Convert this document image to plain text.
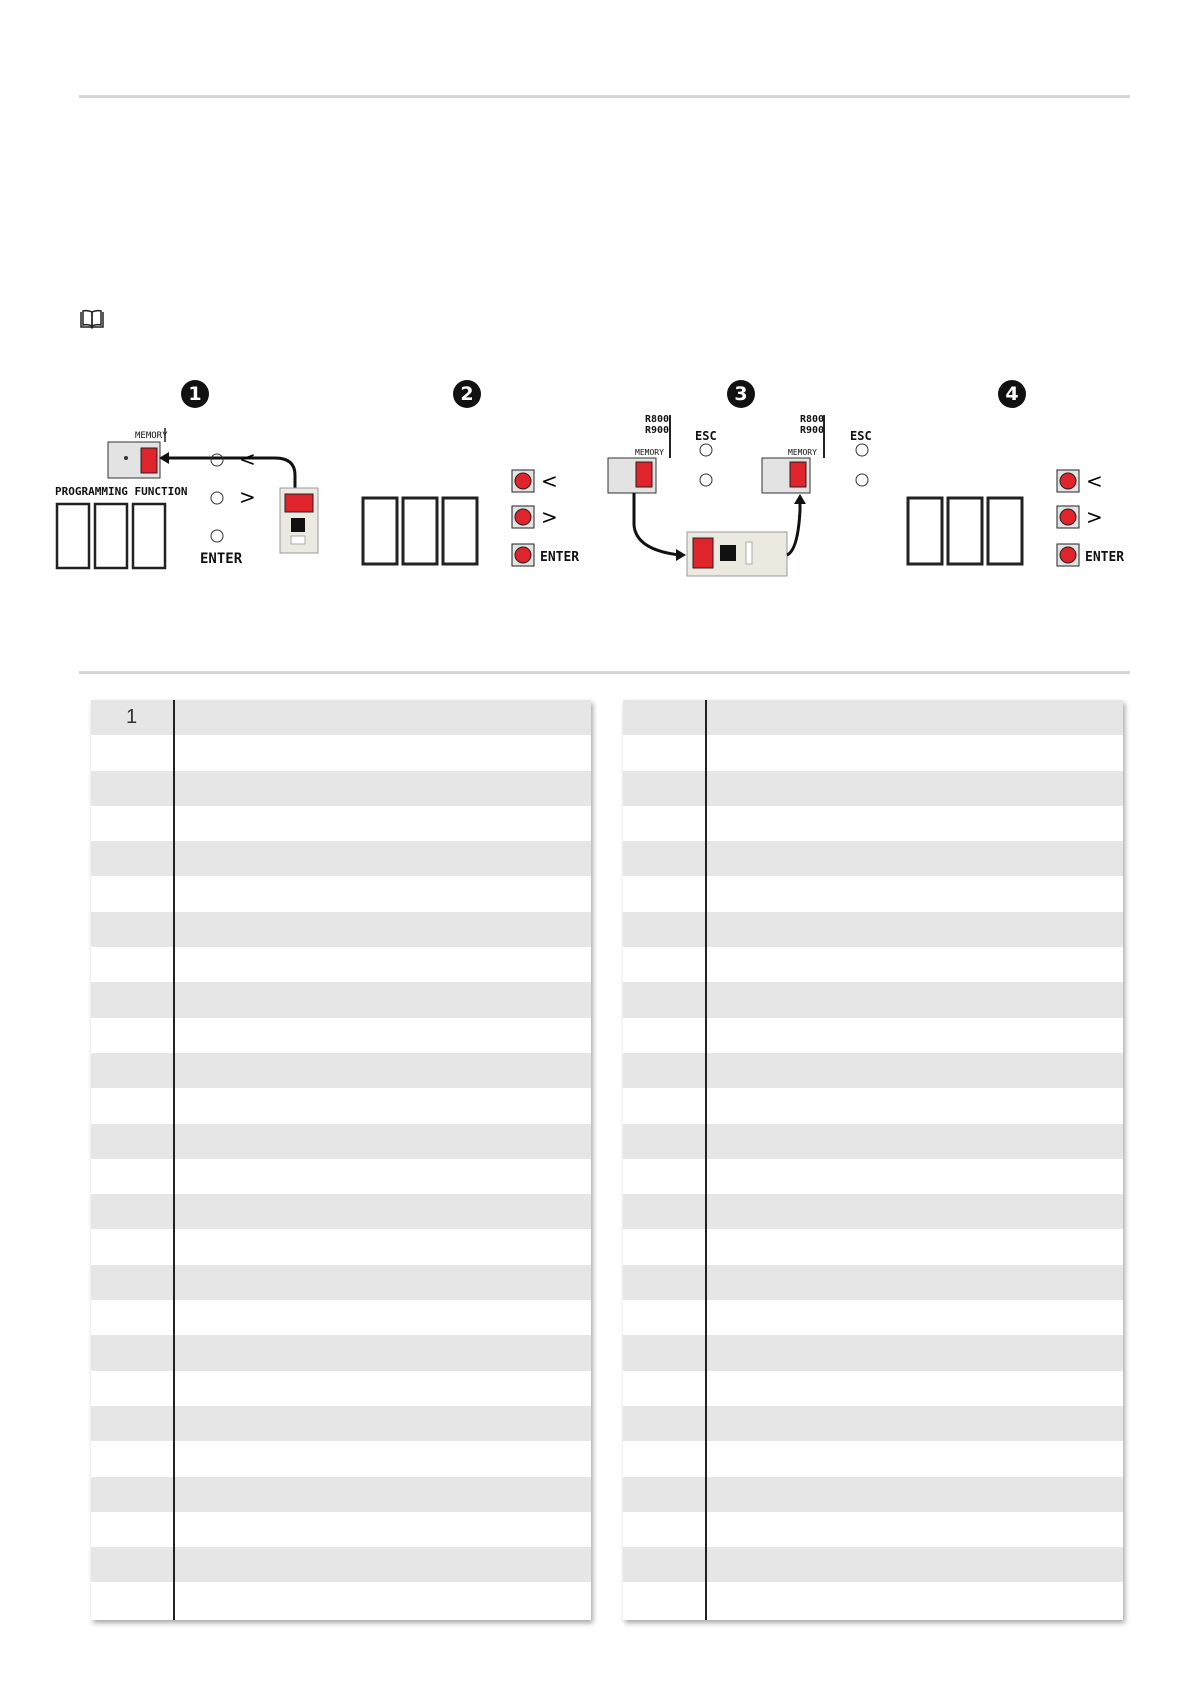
1	2	3	4
MEMORY
PROGRAMMING FUNCTION
<
>
ENTER
<
>
ENTER
R800
R900 ESC
MEMORY
R800
R900 ESC
MEMORY
<
>
ENTER
1
